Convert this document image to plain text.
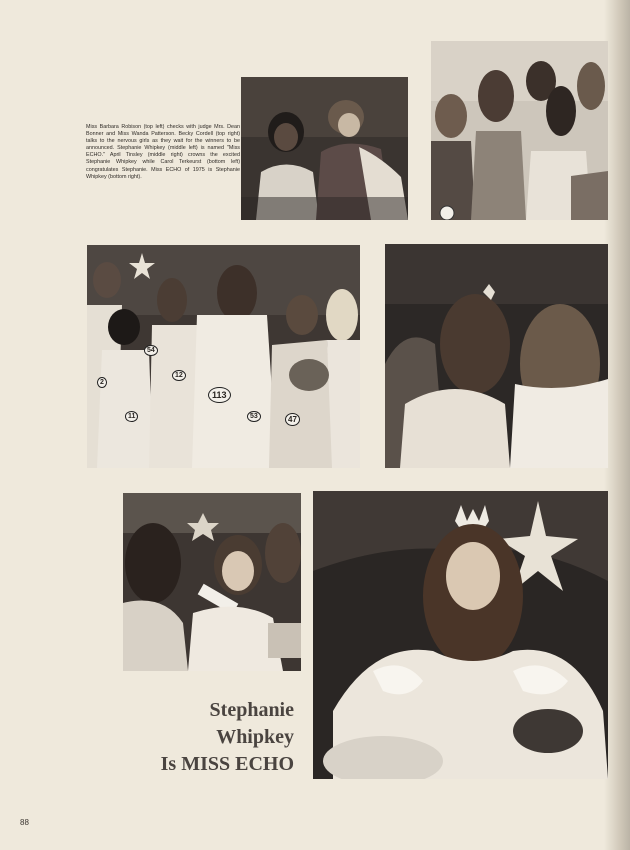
Miss Barbara Robison (top left) checks with judge Mrs. Dean Bonner and Miss Wanda Patterson. Becky Cordell (top right) talks to the nervous girls as they wait for the winners to be announced. Stephanie Whipkey (middle left) is named "Miss ECHO." April Tinsley (middle right) crowns the excited Stephanie Whipkey while Carol Terkeurst (bottom left) congratulates Stephanie. Miss ECHO of 1975 is Stephanie Whipkey (bottom right).
54
12
113
11	47
53
2
Stephanie
Whipkey
Is MISS ECHO
88
